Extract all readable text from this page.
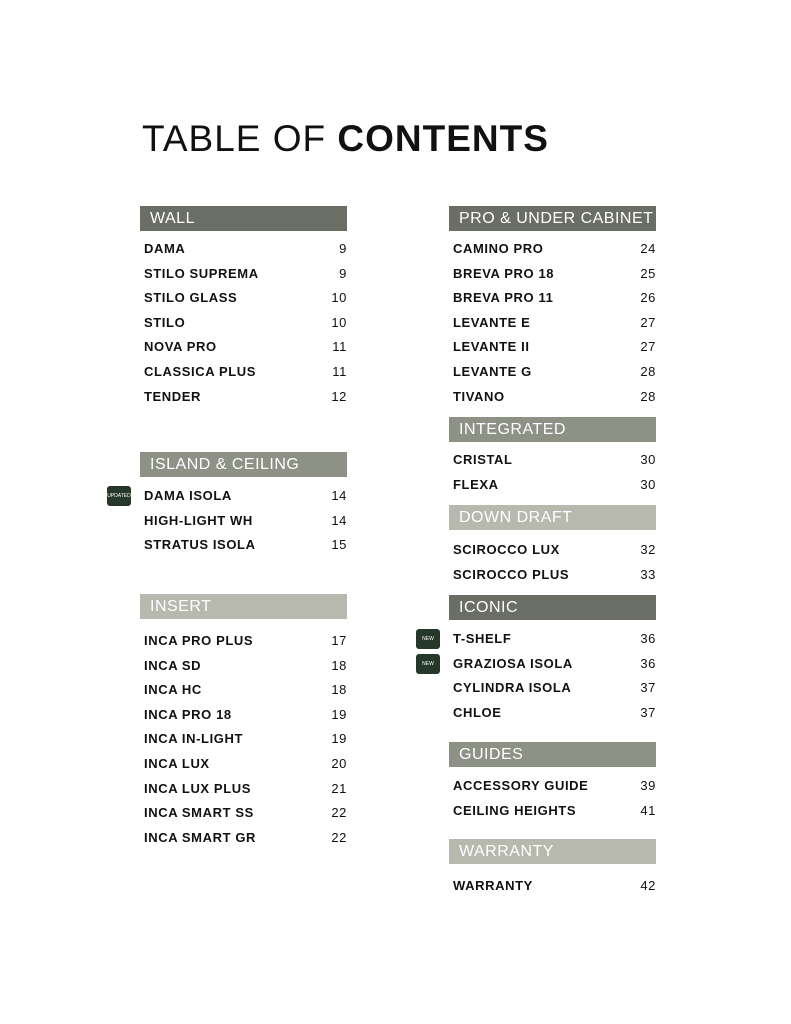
TABLE OF CONTENTS
WALL
DAMA	9
STILO SUPREMA	9
STILO GLASS	10
STILO	10
NOVA PRO	11
CLASSICA PLUS	11
TENDER	12
ISLAND & CEILING
UPDATED DAMA ISOLA	14
HIGH-LIGHT WH	14
STRATUS ISOLA	15
INSERT
INCA PRO PLUS	17
INCA SD	18
INCA HC	18
INCA PRO 18	19
INCA IN-LIGHT	19
INCA LUX	20
INCA LUX PLUS	21
INCA SMART SS	22
INCA SMART GR	22
PRO & UNDER CABINET
CAMINO PRO	24
BREVA PRO 18	25
BREVA PRO 11	26
LEVANTE E	27
LEVANTE II	27
LEVANTE G	28
TIVANO	28
INTEGRATED
CRISTAL	30
FLEXA	30
DOWN DRAFT
SCIROCCO LUX	32
SCIROCCO PLUS	33
ICONIC
NEW	T-SHELF	36
NEW	GRAZIOSA ISOLA	36
CYLINDRA ISOLA	37
CHLOE	37
GUIDES
ACCESSORY GUIDE	39
CEILING HEIGHTS	41
WARRANTY
WARRANTY	42
